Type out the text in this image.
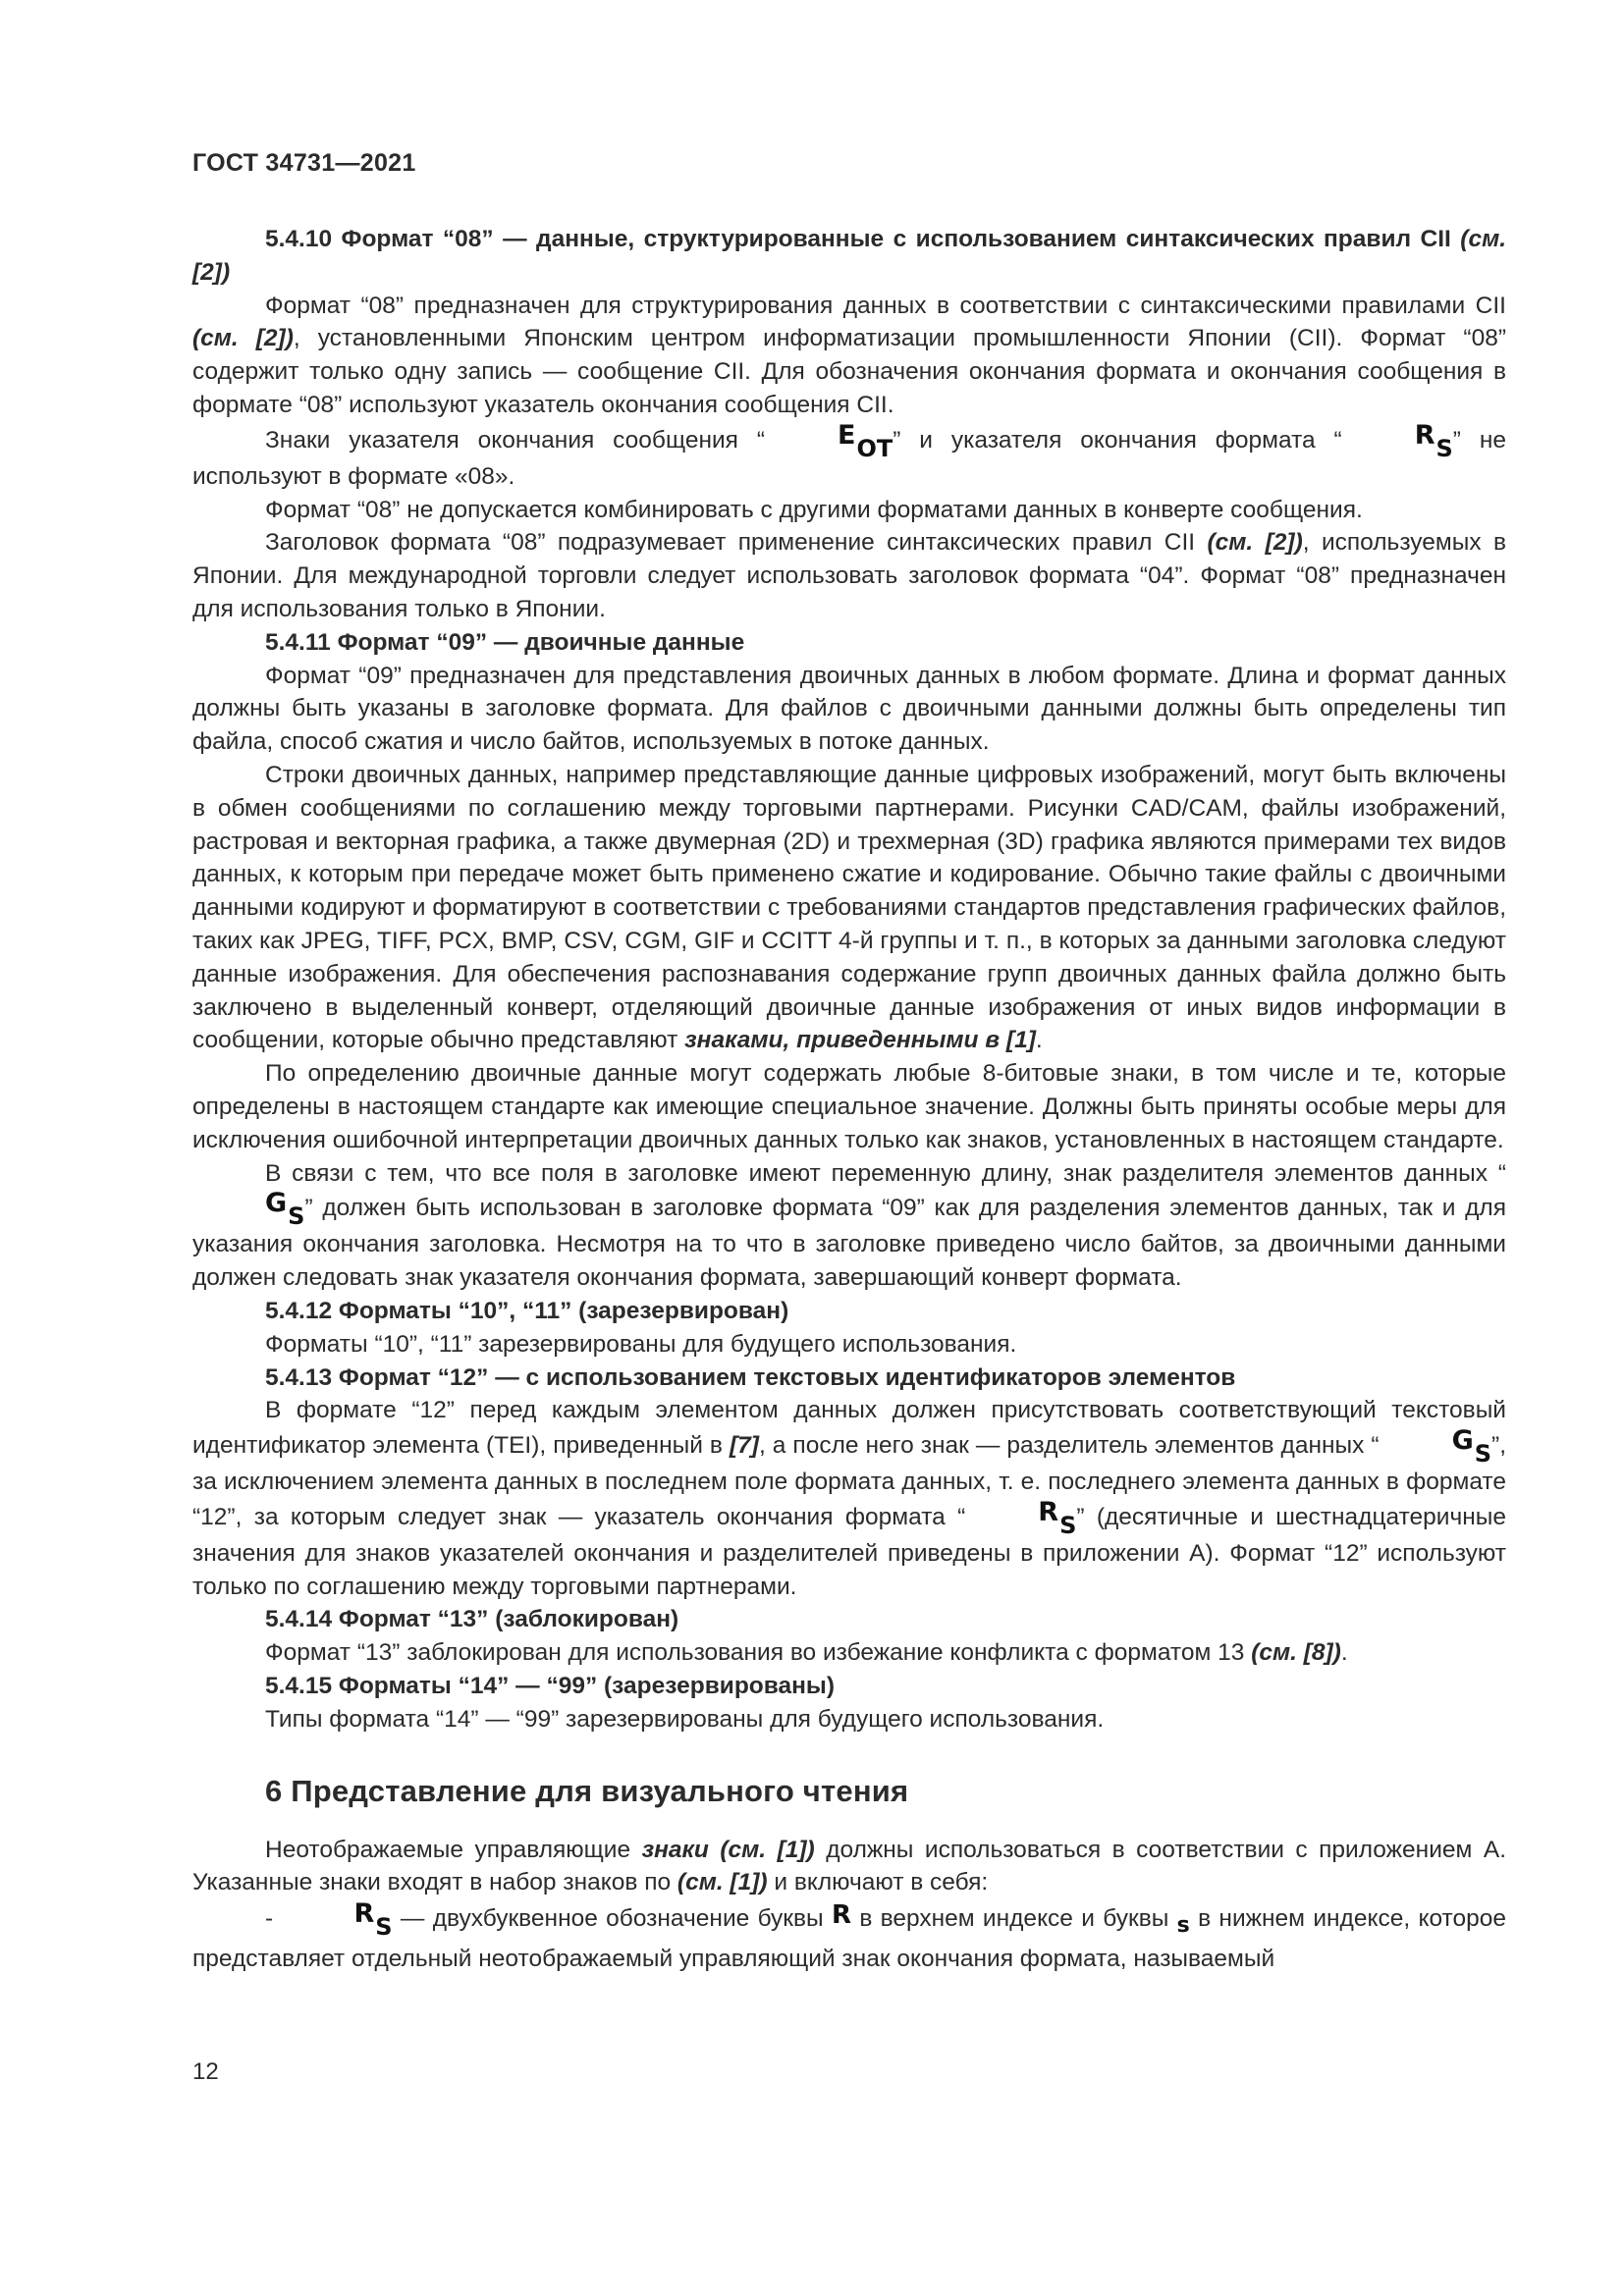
ГОСТ 34731—2021

5.4.10 Формат “08” — данные, структурированные с использованием синтаксических правил CII (см. [2])

Формат “08” предназначен для структурирования данных в соответствии с синтаксическими правилами CII (см. [2]), установленными Японским центром информатизации промышленности Японии (CII). Формат “08” содержит только одну запись — сообщение CII. Для обозначения окончания формата и окончания сообщения в формате “08” используют указатель окончания сообщения CII.

Знаки указателя окончания сообщения “	EOT” и указателя окончания формата “	RS” не используют в формате «08».

Формат “08” не допускается комбинировать с другими форматами данных в конверте сообщения.

Заголовок формата “08” подразумевает применение синтаксических правил CII (см. [2]), используемых в Японии. Для международной торговли следует использовать заголовок формата “04”. Формат “08” предназначен для использования только в Японии.

5.4.11 Формат “09” — двоичные данные

Формат “09” предназначен для представления двоичных данных в любом формате. Длина и формат данных должны быть указаны в заголовке формата. Для файлов с двоичными данными должны быть определены тип файла, способ сжатия и число байтов, используемых в потоке данных.

Строки двоичных данных, например представляющие данные цифровых изображений, могут быть включены в обмен сообщениями по соглашению между торговыми партнерами. Рисунки CAD/CAM, файлы изображений, растровая и векторная графика, а также двумерная (2D) и трехмерная (3D) графика являются примерами тех видов данных, к которым при передаче может быть применено сжатие и кодирование. Обычно такие файлы с двоичными данными кодируют и форматируют в соответствии с требованиями стандартов представления графических файлов, таких как JPEG, TIFF, PCX, BMP, CSV, CGM, GIF и CCITT 4-й группы и т. п., в которых за данными заголовка следуют данные изображения. Для обеспечения распознавания содержание групп двоичных данных файла должно быть заключено в выделенный конверт, отделяющий двоичные данные изображения от иных видов информации в сообщении, которые обычно представляют знаками, приведенными в [1].

По определению двоичные данные могут содержать любые 8-битовые знаки, в том числе и те, которые определены в настоящем стандарте как имеющие специальное значение. Должны быть приняты особые меры для исключения ошибочной интерпретации двоичных данных только как знаков, установленных в настоящем стандарте.

В связи с тем, что все поля в заголовке имеют переменную длину, знак разделителя элементов данных “GS” должен быть использован в заголовке формата “09” как для разделения элементов данных, так и для указания окончания заголовка. Несмотря на то что в заголовке приведено число байтов, за двоичными данными должен следовать знак указателя окончания формата, завершающий конверт формата.

5.4.12 Форматы “10”, “11” (зарезервирован)

Форматы “10”, “11” зарезервированы для будущего использования.

5.4.13 Формат “12” — с использованием текстовых идентификаторов элементов

В формате “12” перед каждым элементом данных должен присутствовать соответствующий текстовый идентификатор элемента (TEI), приведенный в [7], а после него знак — разделитель элементов данных “	GS”, за исключением элемента данных в последнем поле формата данных, т. е. последнего элемента данных в формате “12”, за которым следует знак — указатель окончания формата “	RS” (десятичные и шестнадцатеричные значения для знаков указателей окончания и разделителей приведены в приложении А). Формат “12” используют только по соглашению между торговыми партнерами.

5.4.14 Формат “13” (заблокирован)

Формат “13” заблокирован для использования во избежание конфликта с форматом 13 (см. [8]).

5.4.15 Форматы “14” — “99” (зарезервированы)

Типы формата “14” — “99” зарезервированы для будущего использования.

6 Представление для визуального чтения

Неотображаемые управляющие знаки (см. [1]) должны использоваться в соответствии с приложением А. Указанные знаки входят в набор знаков по (см. [1]) и включают в себя:

-	RS — двухбуквенное обозначение буквы R в верхнем индексе и буквы s в нижнем индексе, которое представляет отдельный неотображаемый управляющий знак окончания формата, называемый

12
